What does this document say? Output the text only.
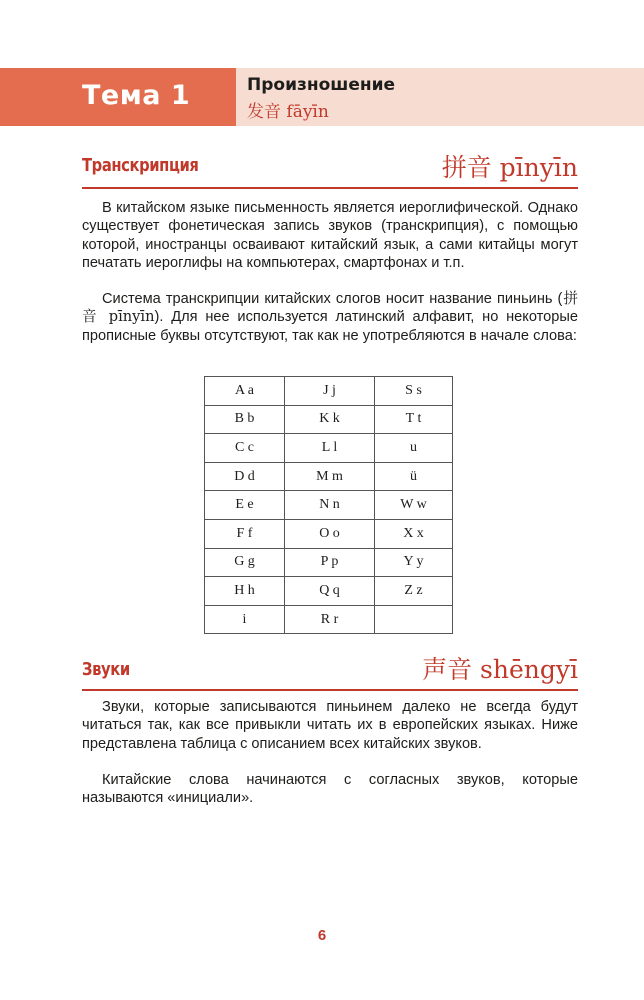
Тема 1	Произношение
发音 fāyīn
Транскрипция	拼音 pīnyīn

В китайском языке письменность является иероглифической. Однако существует фонетическая запись звуков (транскрипция), с помощью которой, иностранцы осваивают китайский язык, а сами китайцы могут печатать иероглифы на компьютерах, смартфонах и т.п.

Система транскрипции китайских слогов носит название пиньинь (拼音 pīnyīn). Для нее используется латинский алфавит, но некоторые прописные буквы отсутствуют, так как не употребляются в начале слова:

A a	J j	S s
B b	K k	T t
C c	L l	u
D d	M m	ü
E e	N n	W w
F f	O o	X x
G g	P p	Y y
H h	Q q	Z z
i	R r	
Звуки	声音 shēngyī

Звуки, которые записываются пиньинем далеко не всегда будут читаться так, как все привыкли читать их в европейских языках. Ниже представлена таблица с описанием всех китайских звуков.

Китайские слова начинаются с согласных звуков, которые называются «инициали».

6
